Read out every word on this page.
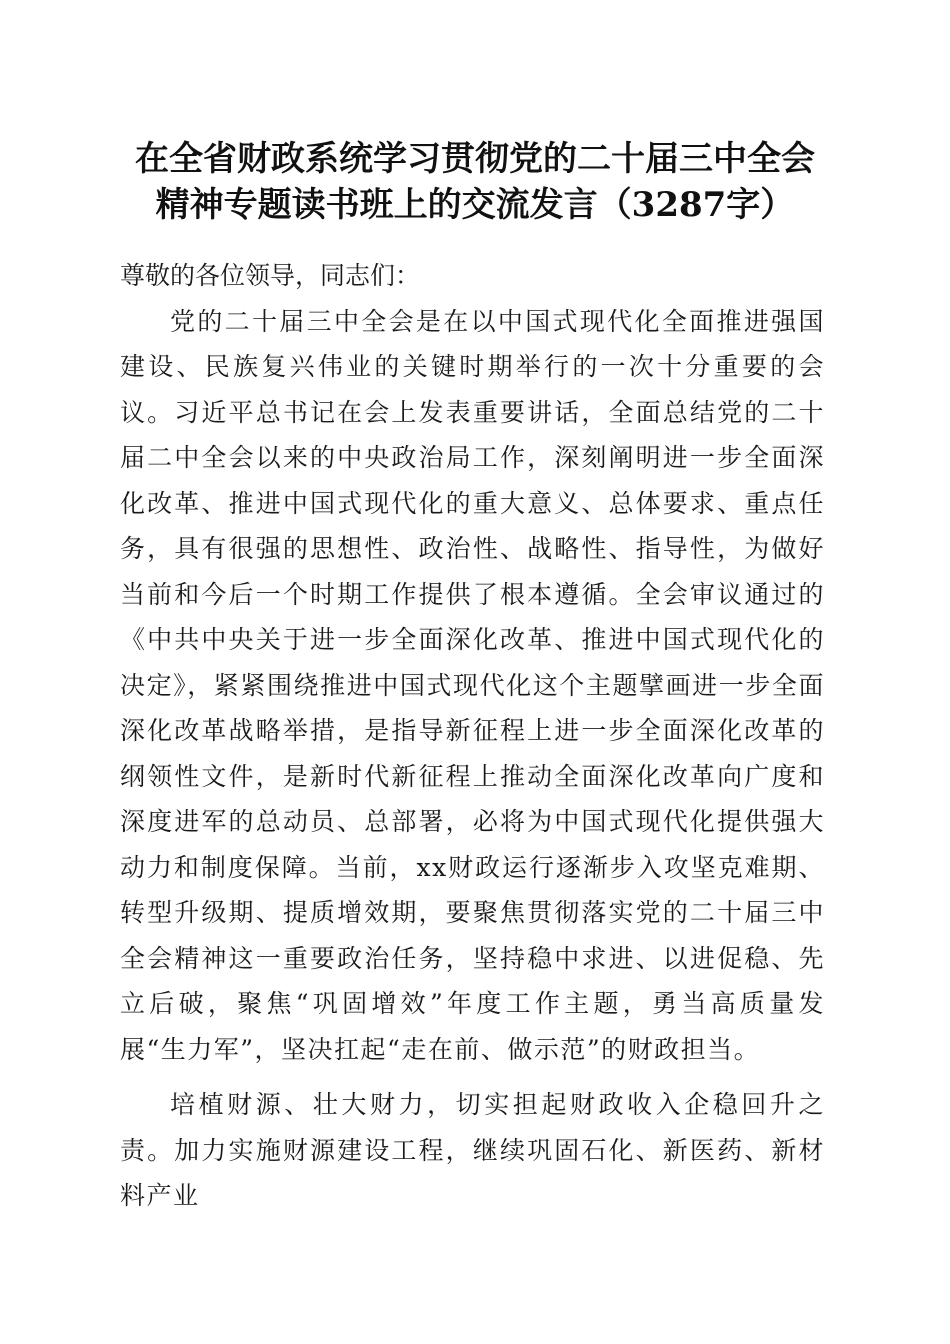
在全省财政系统学习贯彻党的二十届三中全会
精神专题读书班上的交流发言（3287字）

尊敬的各位领导，同志们：

党的二十届三中全会是在以中国式现代化全面推进强国建设、民族复兴伟业的关键时期举行的一次十分重要的会议。习近平总书记在会上发表重要讲话，全面总结党的二十届二中全会以来的中央政治局工作，深刻阐明进一步全面深化改革、推进中国式现代化的重大意义、总体要求、重点任务，具有很强的思想性、政治性、战略性、指导性，为做好当前和今后一个时期工作提供了根本遵循。全会审议通过的《中共中央关于进一步全面深化改革、推进中国式现代化的决定》，紧紧围绕推进中国式现代化这个主题擘画进一步全面深化改革战略举措，是指导新征程上进一步全面深化改革的纲领性文件，是新时代新征程上推动全面深化改革向广度和深度进军的总动员、总部署，必将为中国式现代化提供强大动力和制度保障。当前，xx财政运行逐渐步入攻坚克难期、转型升级期、提质增效期，要聚焦贯彻落实党的二十届三中全会精神这一重要政治任务，坚持稳中求进、以进促稳、先立后破，聚焦“巩固增效”年度工作主题，勇当高质量发展“生力军”，坚决扛起“走在前、做示范”的财政担当。

培植财源、壮大财力，切实担起财政收入企稳回升之责。加力实施财源建设工程，继续巩固石化、新医药、新材料产业
